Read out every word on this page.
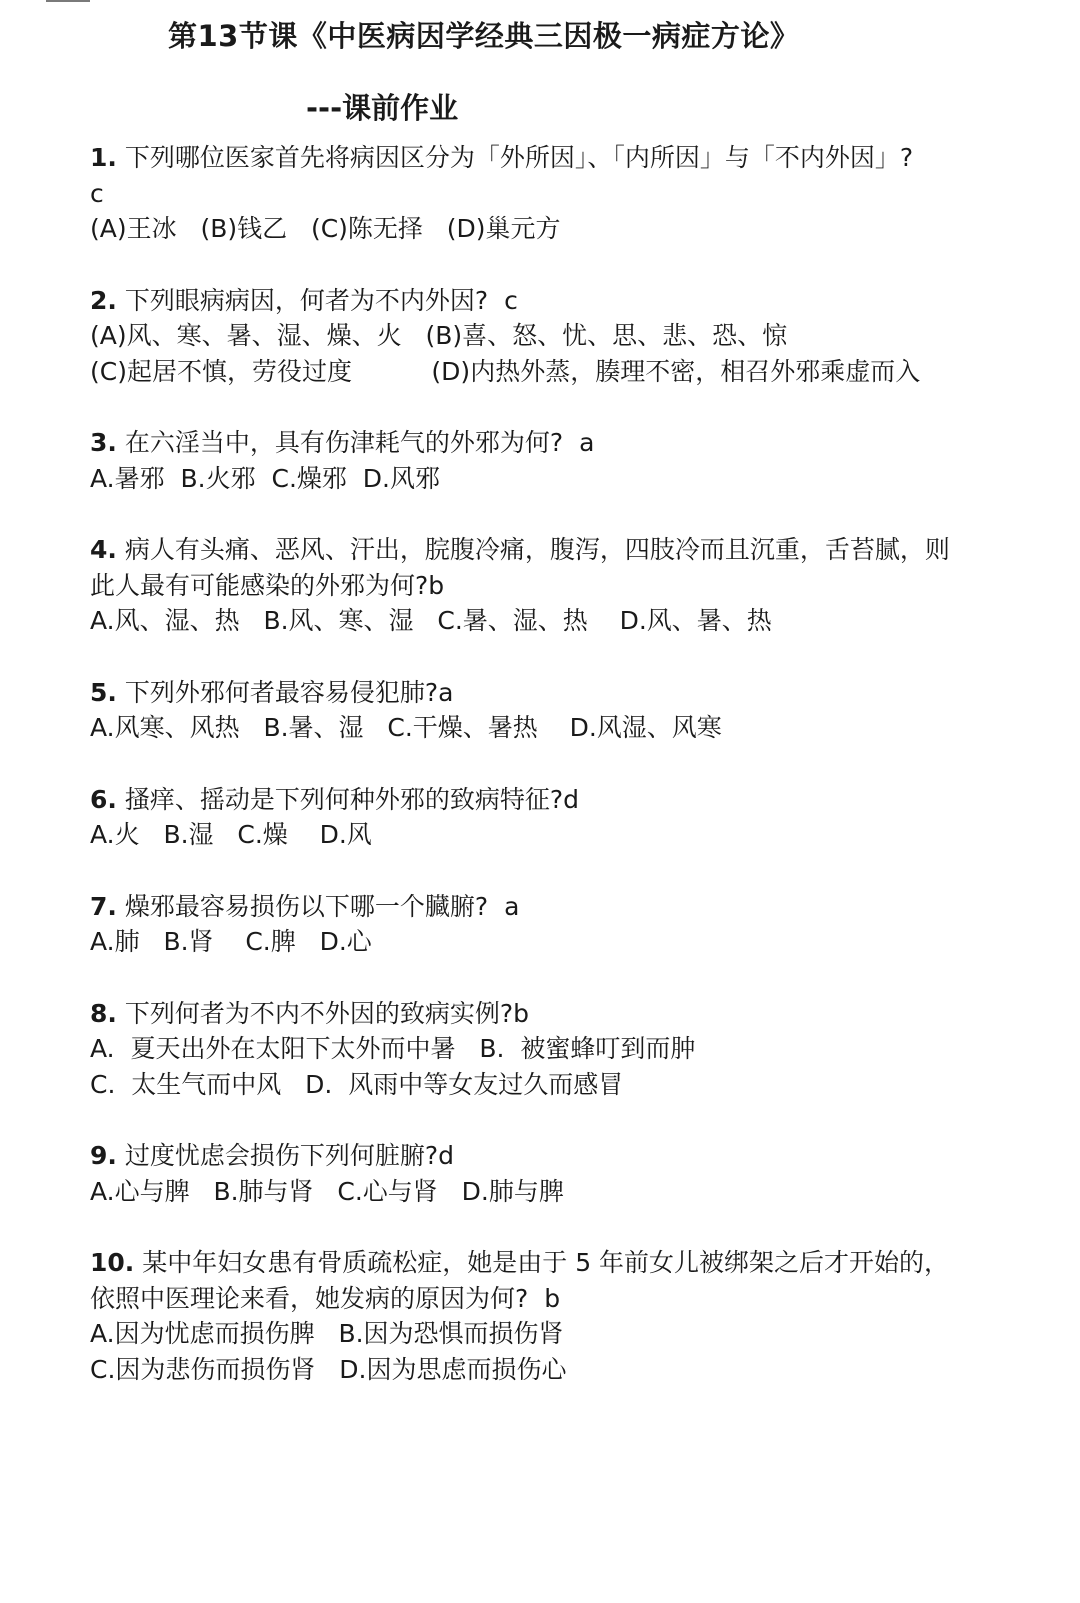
第13节课《中医病因学经典三因极一病症方论》
---课前作业
1. 下列哪位医家首先将病因区分为「外所因」、「内所因」与「不内外因」?
c
(A)王冰   (B)钱乙   (C)陈无择   (D)巢元方
2. 下列眼病病因，何者为不内外因? c
(A)风、寒、暑、湿、燥、火   (B)喜、怒、忧、思、悲、恐、惊
(C)起居不慎，劳役过度          (D)内热外蒸，腠理不密，相召外邪乘虚而入
3. 在六淫当中，具有伤津耗气的外邪为何? a
A.暑邪  B.火邪  C.燥邪  D.风邪
4. 病人有头痛、恶风、汗出，脘腹冷痛，腹泻，四肢冷而且沉重，舌苔腻，则
此人最有可能感染的外邪为何?b
A.风、湿、热   B.风、寒、湿   C.暑、湿、热    D.风、暑、热
5. 下列外邪何者最容易侵犯肺?a
A.风寒、风热   B.暑、湿   C.干燥、暑热    D.风湿、风寒
6. 搔痒、摇动是下列何种外邪的致病特征?d
A.火   B.湿   C.燥    D.风
7. 燥邪最容易损伤以下哪一个臓腑? a
A.肺   B.肾    C.脾   D.心
8. 下列何者为不内不外因的致病实例?b
A.  夏天出外在太阳下太外而中暑   B.  被蜜蜂叮到而肿
C.  太生气而中风   D.  风雨中等女友过久而感冒
9. 过度忧虑会损伤下列何脏腑?d
A.心与脾   B.肺与肾   C.心与肾   D.肺与脾
10. 某中年妇女患有骨质疏松症，她是由于 5 年前女儿被绑架之后才开始的，
依照中医理论来看，她发病的原因为何? b
A.因为忧虑而损伤脾   B.因为恐惧而损伤肾
C.因为悲伤而损伤肾   D.因为思虑而损伤心
